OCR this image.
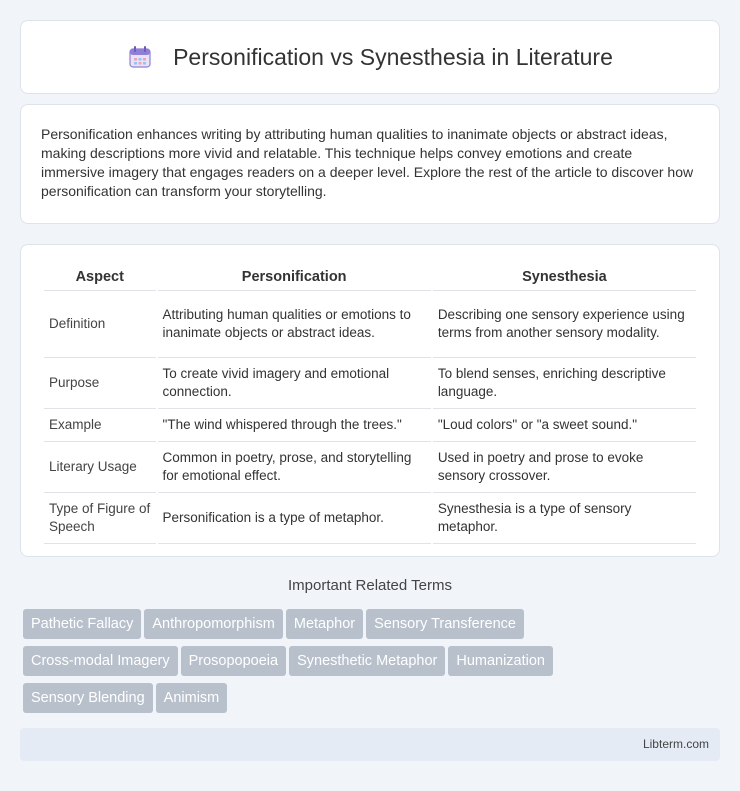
Personification vs Synesthesia in Literature

Personification enhances writing by attributing human qualities to inanimate objects or abstract ideas, making descriptions more vivid and relatable. This technique helps convey emotions and create immersive imagery that engages readers on a deeper level. Explore the rest of the article to discover how personification can transform your storytelling.

Aspect	Personification	Synesthesia
Definition	Attributing human qualities or emotions to inanimate objects or abstract ideas.	Describing one sensory experience using terms from another sensory modality.
Purpose	To create vivid imagery and emotional connection.	To blend senses, enriching descriptive language.
Example	"The wind whispered through the trees."	"Loud colors" or "a sweet sound."
Literary Usage	Common in poetry, prose, and storytelling for emotional effect.	Used in poetry and prose to evoke sensory crossover.
Type of Figure of Speech	Personification is a type of metaphor.	Synesthesia is a type of sensory metaphor.
Important Related Terms
Pathetic Fallacy Anthropomorphism Metaphor Sensory Transference
Cross-modal Imagery Prosopopoeia Synesthetic Metaphor Humanization
Sensory Blending Animism
Libterm.com
